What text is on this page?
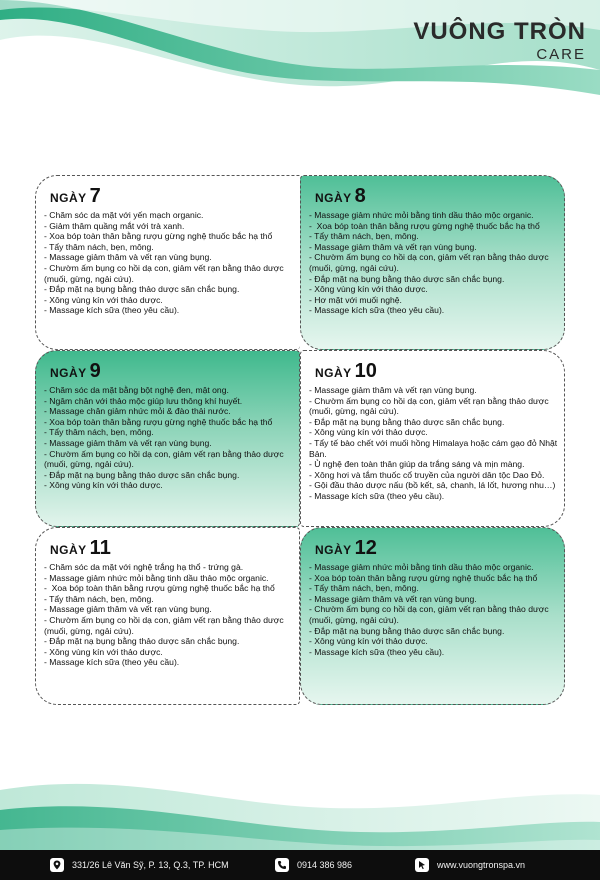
VUÔNG TRÒN
CARE
NGÀY 7
- Chăm sóc da mặt với yến mạch organic.
- Giảm thâm quầng mắt với trà xanh.
- Xoa bóp toàn thân bằng rượu gừng nghệ thuốc bắc hạ thổ
- Tẩy thâm nách, bẹn, mông.
- Massage giảm thâm và vết rạn vùng bụng.
- Chườm ấm bụng co hồi dạ con, giảm vết rạn bằng thảo dược (muối, gừng, ngải cứu).
- Đắp mặt nạ bụng bằng thảo dược săn chắc bụng.
- Xông vùng kín với thảo dược.
- Massage kích sữa (theo yêu cầu).
NGÀY 8
- Massage giảm nhức mỏi bằng tinh dầu thảo mộc organic.
-  Xoa bóp toàn thân bằng rượu gừng nghệ thuốc bắc hạ thổ
- Tẩy thâm nách, bẹn, mông.
- Massage giảm thâm và vết rạn vùng bụng.
- Chườm ấm bụng co hồi dạ con, giảm vết rạn bằng thảo dược (muối, gừng, ngải cứu).
- Đắp mặt nạ bụng bằng thảo dược săn chắc bụng.
- Xông vùng kín với thảo dược.
- Hơ mặt với muối nghệ.
- Massage kích sữa (theo yêu cầu).
NGÀY 9
- Chăm sóc da mặt bằng bột nghệ đen, mật ong.
- Ngâm chân với thảo mộc giúp lưu thông khí huyết.
- Massage chân giảm nhức mỏi & đào thải nước.
- Xoa bóp toàn thân bằng rượu gừng nghệ thuốc bắc hạ thổ
- Tẩy thâm nách, bẹn, mông.
- Massage giảm thâm và vết rạn vùng bụng.
- Chườm ấm bụng co hồi dạ con, giảm vết rạn bằng thảo dược (muối, gừng, ngải cứu).
- Đắp mặt nạ bụng bằng thảo dược săn chắc bụng.
- Xông vùng kín với thảo dược.
NGÀY 10
- Massage giảm thâm và vết rạn vùng bụng.
- Chườm ấm bụng co hồi dạ con, giảm vết rạn bằng thảo dược (muối, gừng, ngải cứu).
- Đắp mặt nạ bụng bằng thảo dược săn chắc bụng.
- Xông vùng kín với thảo dược.
- Tẩy tế bào chết với muối hồng Himalaya hoặc cám gạo đỏ Nhật Bản.
- Ủ nghệ đen toàn thân giúp da trắng sáng và mịn màng.
- Xông hơi và tắm thuốc cổ truyền của người dân tộc Dao Đỏ.
- Gội đầu thảo dược nấu (bồ kết, sả, chanh, lá lốt, hương nhu…)
- Massage kích sữa (theo yêu cầu).
NGÀY 11
- Chăm sóc da mặt với nghệ trắng hạ thổ - trứng gà.
- Massage giảm nhức mỏi bằng tinh dầu thảo mộc organic.
-  Xoa bóp toàn thân bằng rượu gừng nghệ thuốc bắc hạ thổ
- Tẩy thâm nách, bẹn, mông.
- Massage giảm thâm và vết rạn vùng bụng.
- Chườm ấm bụng co hồi dạ con, giảm vết rạn bằng thảo dược (muối, gừng, ngải cứu).
- Đắp mặt nạ bụng bằng thảo dược săn chắc bụng.
- Xông vùng kín với thảo dược.
- Massage kích sữa (theo yêu cầu).
NGÀY 12
- Massage giảm nhức mỏi bằng tinh dầu thảo mộc organic.
- Xoa bóp toàn thân bằng rượu gừng nghệ thuốc bắc hạ thổ
- Tẩy thâm nách, bẹn, mông.
- Massage giảm thâm và vết rạn vùng bụng.
- Chườm ấm bụng co hồi dạ con, giảm vết rạn bằng thảo dược (muối, gừng, ngải cứu).
- Đắp mặt nạ bụng bằng thảo dược săn chắc bụng.
- Xông vùng kín với thảo dược.
- Massage kích sữa (theo yêu cầu).
331/26 Lê Văn Sỹ, P. 13, Q.3, TP. HCM	0914 386 986	www.vuongtronspa.vn
